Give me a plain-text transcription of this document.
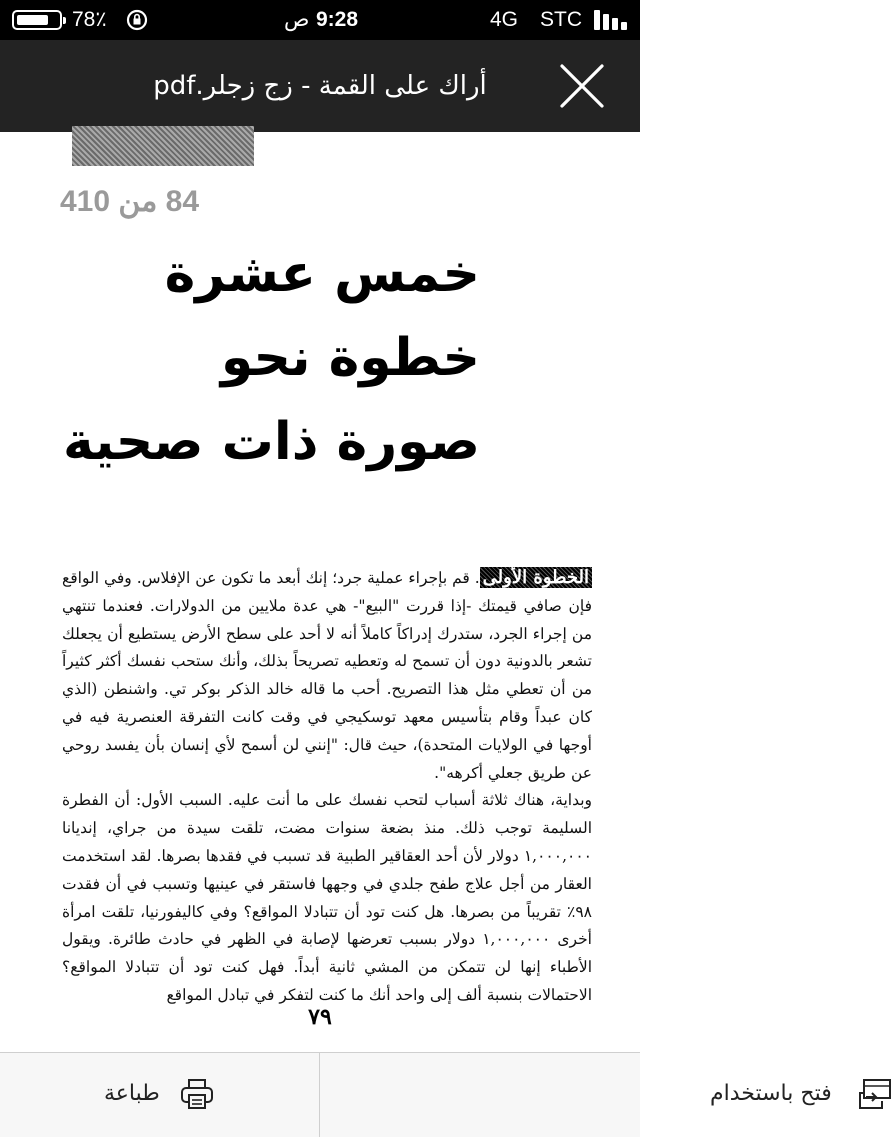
78٪	9:28
ص	4G STC
أراك على القمة - زج زجلر.pdf
84 من 410
خمس عشرة خطوة نحو
صورة ذات صحية
الخطوة الأولى. قم بإجراء عملية جرد؛ إنك أبعد ما تكون عن الإفلاس. وفي الواقع فإن صافي قيمتك -إذا قررت "البيع"- هي عدة ملايين من الدولارات. فعندما تنتهي من إجراء الجرد، ستدرك إدراكاً كاملاً أنه لا أحد على سطح الأرض يستطيع أن يجعلك تشعر بالدونية دون أن تسمح له وتعطيه تصريحاً بذلك، وأنك ستحب نفسك أكثر كثيراً من أن تعطي مثل هذا التصريح. أحب ما قاله خالد الذكر بوكر تي. واشنطن (الذي كان عبداً وقام بتأسيس معهد توسكيجي في وقت كانت التفرقة العنصرية فيه في أوجها في الولايات المتحدة)، حيث قال: "إنني لن أسمح لأي إنسان بأن يفسد روحي عن طريق جعلي أكرهه".
وبداية، هناك ثلاثة أسباب لتحب نفسك على ما أنت عليه. السبب الأول: أن الفطرة السليمة توجب ذلك. منذ بضعة سنوات مضت، تلقت سيدة من جراي، إنديانا ١,٠٠٠,٠٠٠ دولار لأن أحد العقاقير الطبية قد تسبب في فقدها بصرها. لقد استخدمت العقار من أجل علاج طفح جلدي في وجهها فاستقر في عينيها وتسبب في أن فقدت ٩٨٪ تقريباً من بصرها. هل كنت تود أن تتبادلا المواقع؟ وفي كاليفورنيا، تلقت امرأة أخرى ١,٠٠٠,٠٠٠ دولار بسبب تعرضها لإصابة في الظهر في حادث طائرة. ويقول الأطباء إنها لن تتمكن من المشي ثانية أبداً. فهل كنت تود أن تتبادلا المواقع؟ الاحتمالات بنسبة ألف إلى واحد أنك ما كنت لتفكر في تبادل المواقع
٧٩
طباعة	فتح باستخدام
